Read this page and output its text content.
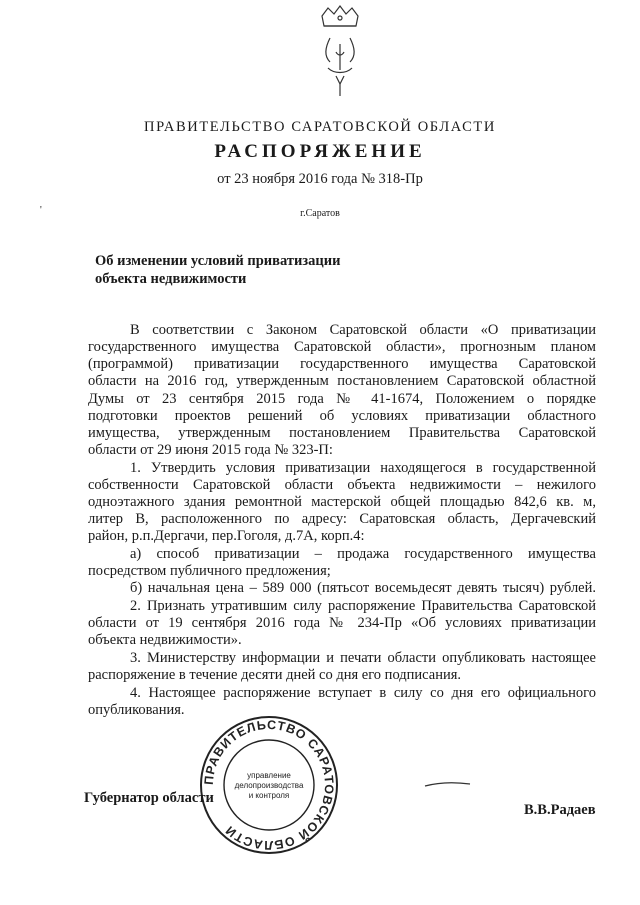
ПРАВИТЕЛЬСТВО САРАТОВСКОЙ ОБЛАСТИ
РАСПОРЯЖЕНИЕ
от 23 ноября 2016 года № 318-Пр
г.Саратов
'
Об изменении условий приватизации
объекта недвижимости
В соответствии с Законом Саратовской области «О приватизации
государственного имущества Саратовской области», прогнозным планом
(программой) приватизации государственного имущества Саратовской
области на 2016 год, утвержденным постановлением Саратовской областной
Думы от 23 сентября 2015 года № 41-1674, Положением о порядке
подготовки проектов решений об условиях приватизации областного
имущества, утвержденным постановлением Правительства Саратовской
области от 29 июня 2015 года № 323-П:
1. Утвердить условия приватизации находящегося в государственной
собственности Саратовской области объекта недвижимости – нежилого
одноэтажного здания ремонтной мастерской общей площадью 842,6 кв. м,
литер В, расположенного по адресу: Саратовская область, Дергачевский
район, р.п.Дергачи, пер.Гоголя, д.7А, корп.4:
а) способ приватизации – продажа государственного имущества
посредством публичного предложения;
б) начальная цена – 589 000 (пятьсот восемьдесят девять тысяч) рублей.
2. Признать утратившим силу распоряжение Правительства Саратовской
области от 19 сентября 2016 года № 234-Пр «Об условиях приватизации
объекта недвижимости».
3. Министерству информации и печати области опубликовать настоящее
распоряжение в течение десяти дней со дня его подписания.
4. Настоящее распоряжение вступает в силу со дня его официального
опубликования.
ПРАВИТЕЛЬСТВО САРАТОВСКОЙ ОБЛАСТИ
управление
делопроизводства
и контроля
Губернатор области
В.В.Радаев
